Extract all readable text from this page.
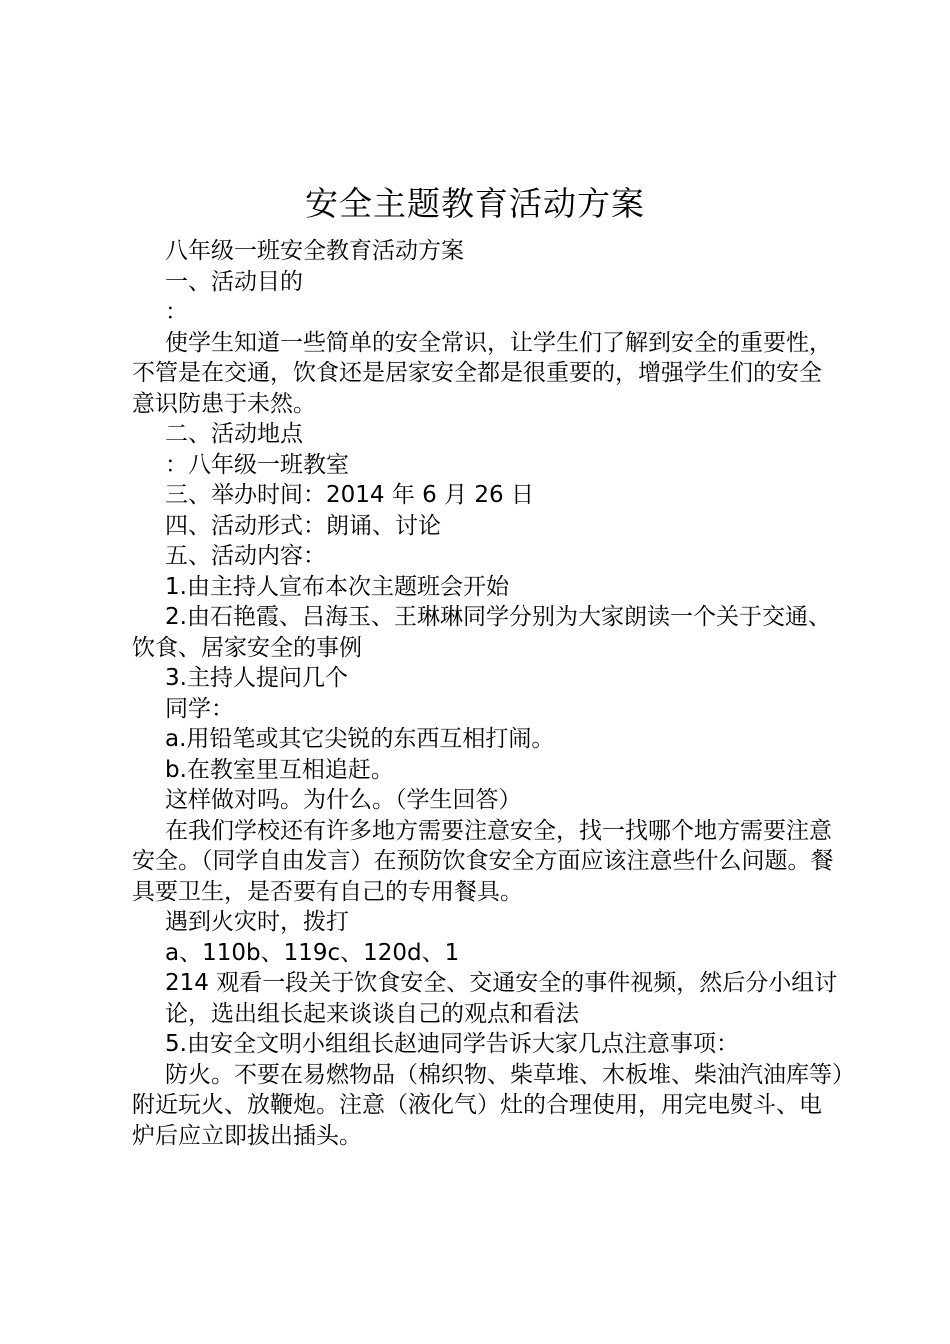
安全主题教育活动方案

八年级一班安全教育活动方案

一、活动目的

：

使学生知道一些简单的安全常识，让学生们了解到安全的重要性，不管是在交通，饮食还是居家安全都是很重要的，增强学生们的安全意识防患于未然。

二、活动地点

：八年级一班教室

三、举办时间：2014 年 6 月 26 日

四、活动形式：朗诵、讨论

五、活动内容：

1.由主持人宣布本次主题班会开始

2.由石艳霞、吕海玉、王琳琳同学分别为大家朗读一个关于交通、饮食、居家安全的事例

3.主持人提问几个

同学：

a.用铅笔或其它尖锐的东西互相打闹。

b.在教室里互相追赶。

这样做对吗。为什么。（学生回答）

在我们学校还有许多地方需要注意安全，找一找哪个地方需要注意安全。（同学自由发言）在预防饮食安全方面应该注意些什么问题。餐具要卫生，是否要有自己的专用餐具。

遇到火灾时，拨打

a、110b、119c、120d、1

214 观看一段关于饮食安全、交通安全的事件视频，然后分小组讨

论，选出组长起来谈谈自己的观点和看法

5.由安全文明小组组长赵迪同学告诉大家几点注意事项：

防火。不要在易燃物品（棉织物、柴草堆、木板堆、柴油汽油库等）附近玩火、放鞭炮。注意（液化气）灶的合理使用，用完电熨斗、电炉后应立即拔出插头。
